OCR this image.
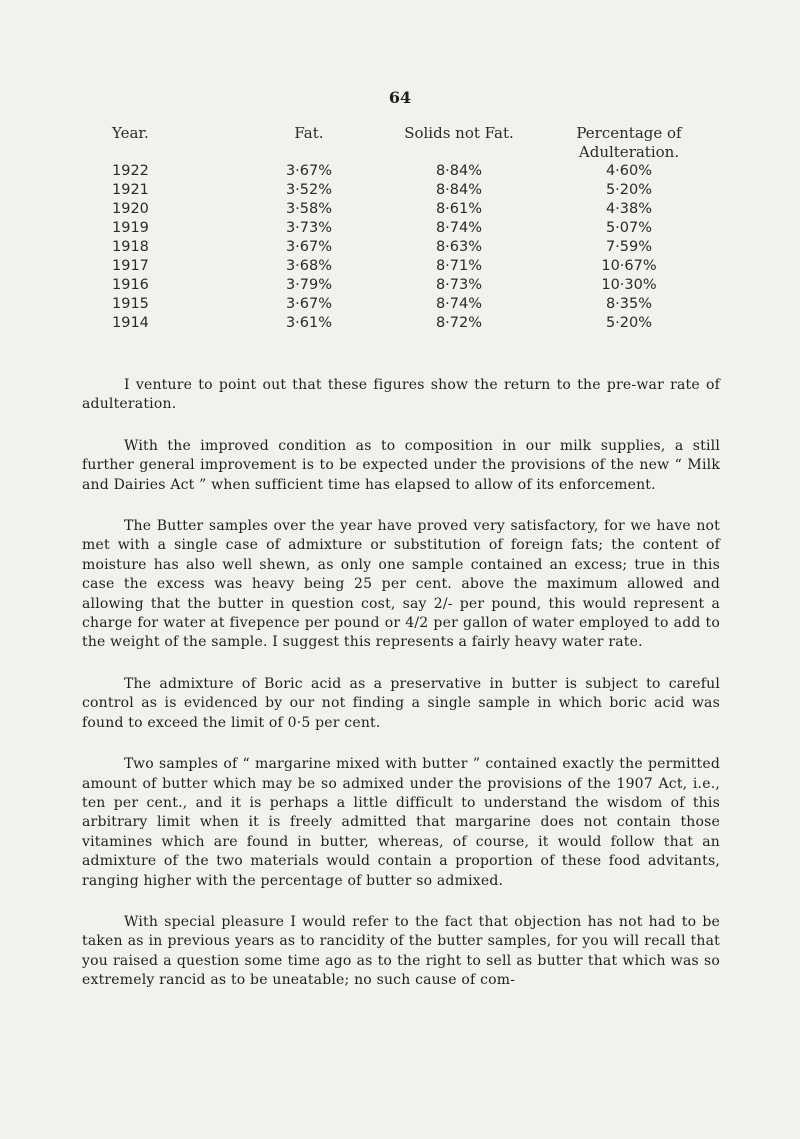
64
Year.	Fat.	Solids not Fat.	Percentage of Adulteration.
1922	3·67%	8·84%	4·60%
1921	3·52%	8·84%	5·20%
1920	3·58%	8·61%	4·38%
1919	3·73%	8·74%	5·07%
1918	3·67%	8·63%	7·59%
1917	3·68%	8·71%	10·67%
1916	3·79%	8·73%	10·30%
1915	3·67%	8·74%	8·35%
1914	3·61%	8·72%	5·20%

I venture to point out that these figures show the return to the pre-war rate of adulteration.

With the improved condition as to composition in our milk supplies, a still further general improvement is to be expected under the provisions of the new “ Milk and Dairies Act ” when sufficient time has elapsed to allow of its enforcement.

The Butter samples over the year have proved very satisfactory, for we have not met with a single case of admixture or substitution of foreign fats; the content of moisture has also well shewn, as only one sample contained an excess; true in this case the excess was heavy being 25 per cent. above the maximum allowed and allowing that the butter in question cost, say 2/- per pound, this would represent a charge for water at fivepence per pound or 4/2 per gallon of water employed to add to the weight of the sample. I suggest this represents a fairly heavy water rate.

The admixture of Boric acid as a preservative in butter is subject to careful control as is evidenced by our not finding a single sample in which boric acid was found to exceed the limit of 0·5 per cent.

Two samples of “ margarine mixed with butter ” contained exactly the permitted amount of butter which may be so admixed under the provisions of the 1907 Act, i.e., ten per cent., and it is perhaps a little difficult to understand the wisdom of this arbitrary limit when it is freely admitted that margarine does not contain those vitamines which are found in butter, whereas, of course, it would follow that an admixture of the two materials would contain a proportion of these food advitants, ranging higher with the percentage of butter so admixed.

With special pleasure I would refer to the fact that objection has not had to be taken as in previous years as to rancidity of the butter samples, for you will recall that you raised a question some time ago as to the right to sell as butter that which was so extremely rancid as to be uneatable; no such cause of com-
